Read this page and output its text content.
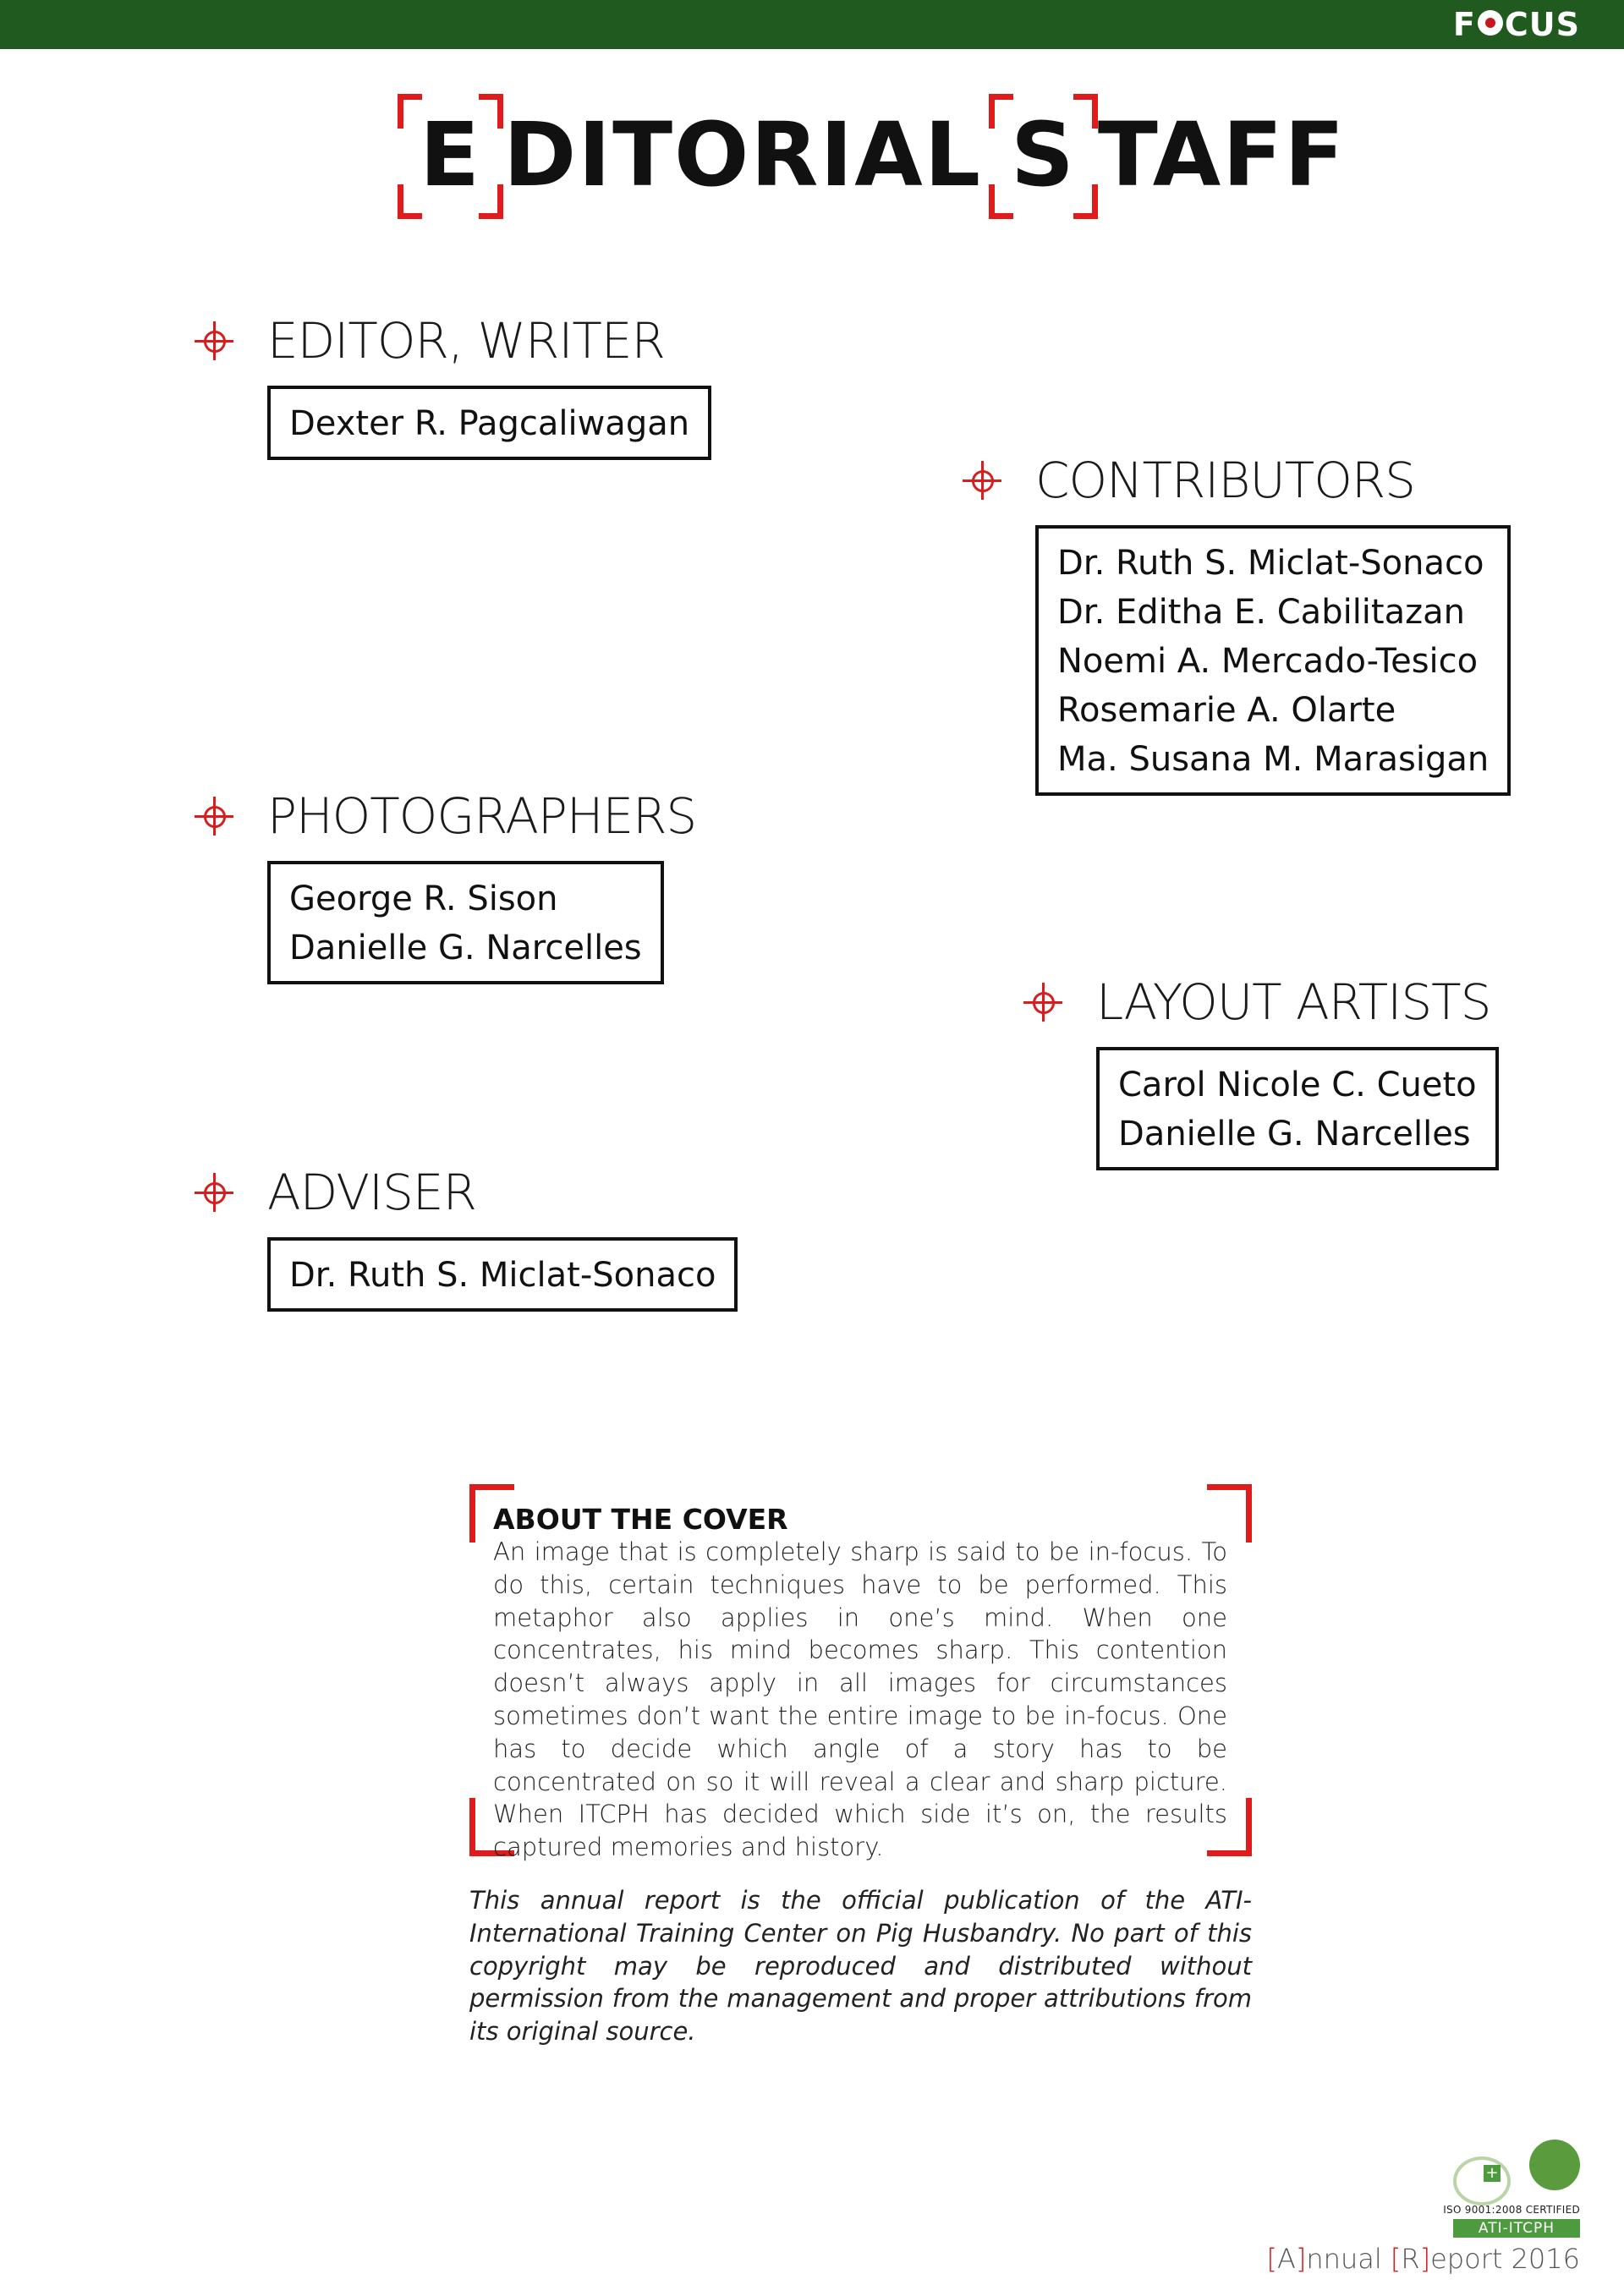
F CUS
E DITORIAL S TAFF
EDITOR, WRITER
Dexter R. Pagcaliwagan
CONTRIBUTORS
Dr. Ruth S. Miclat-Sonaco
Dr. Editha E. Cabilitazan
Noemi A. Mercado-Tesico
Rosemarie A. Olarte
Ma. Susana M. Marasigan
PHOTOGRAPHERS
George R. Sison
Danielle G. Narcelles
LAYOUT ARTISTS
Carol Nicole C. Cueto
Danielle G. Narcelles
ADVISER
Dr. Ruth S. Miclat-Sonaco
ABOUT THE COVER
An image that is completely sharp is said to be in-focus. To do this, certain techniques have to be performed. This metaphor also applies in one’s mind. When one concentrates, his mind becomes sharp. This contention doesn’t always apply in all images for circumstances sometimes don’t want the entire image to be in-focus. One has to decide which angle of a story has to be concentrated on so it will reveal a clear and sharp picture. When ITCPH has decided which side it’s on, the results captured memories and history.
This annual report is the official publication of the ATI-International Training Center on Pig Husbandry. No part of this copyright may be reproduced and distributed without permission from the management and proper attributions from its original source.
+
ISO 9001:2008 CERTIFIED
ATI-ITCPH
[A]nnual [R]eport 2016
